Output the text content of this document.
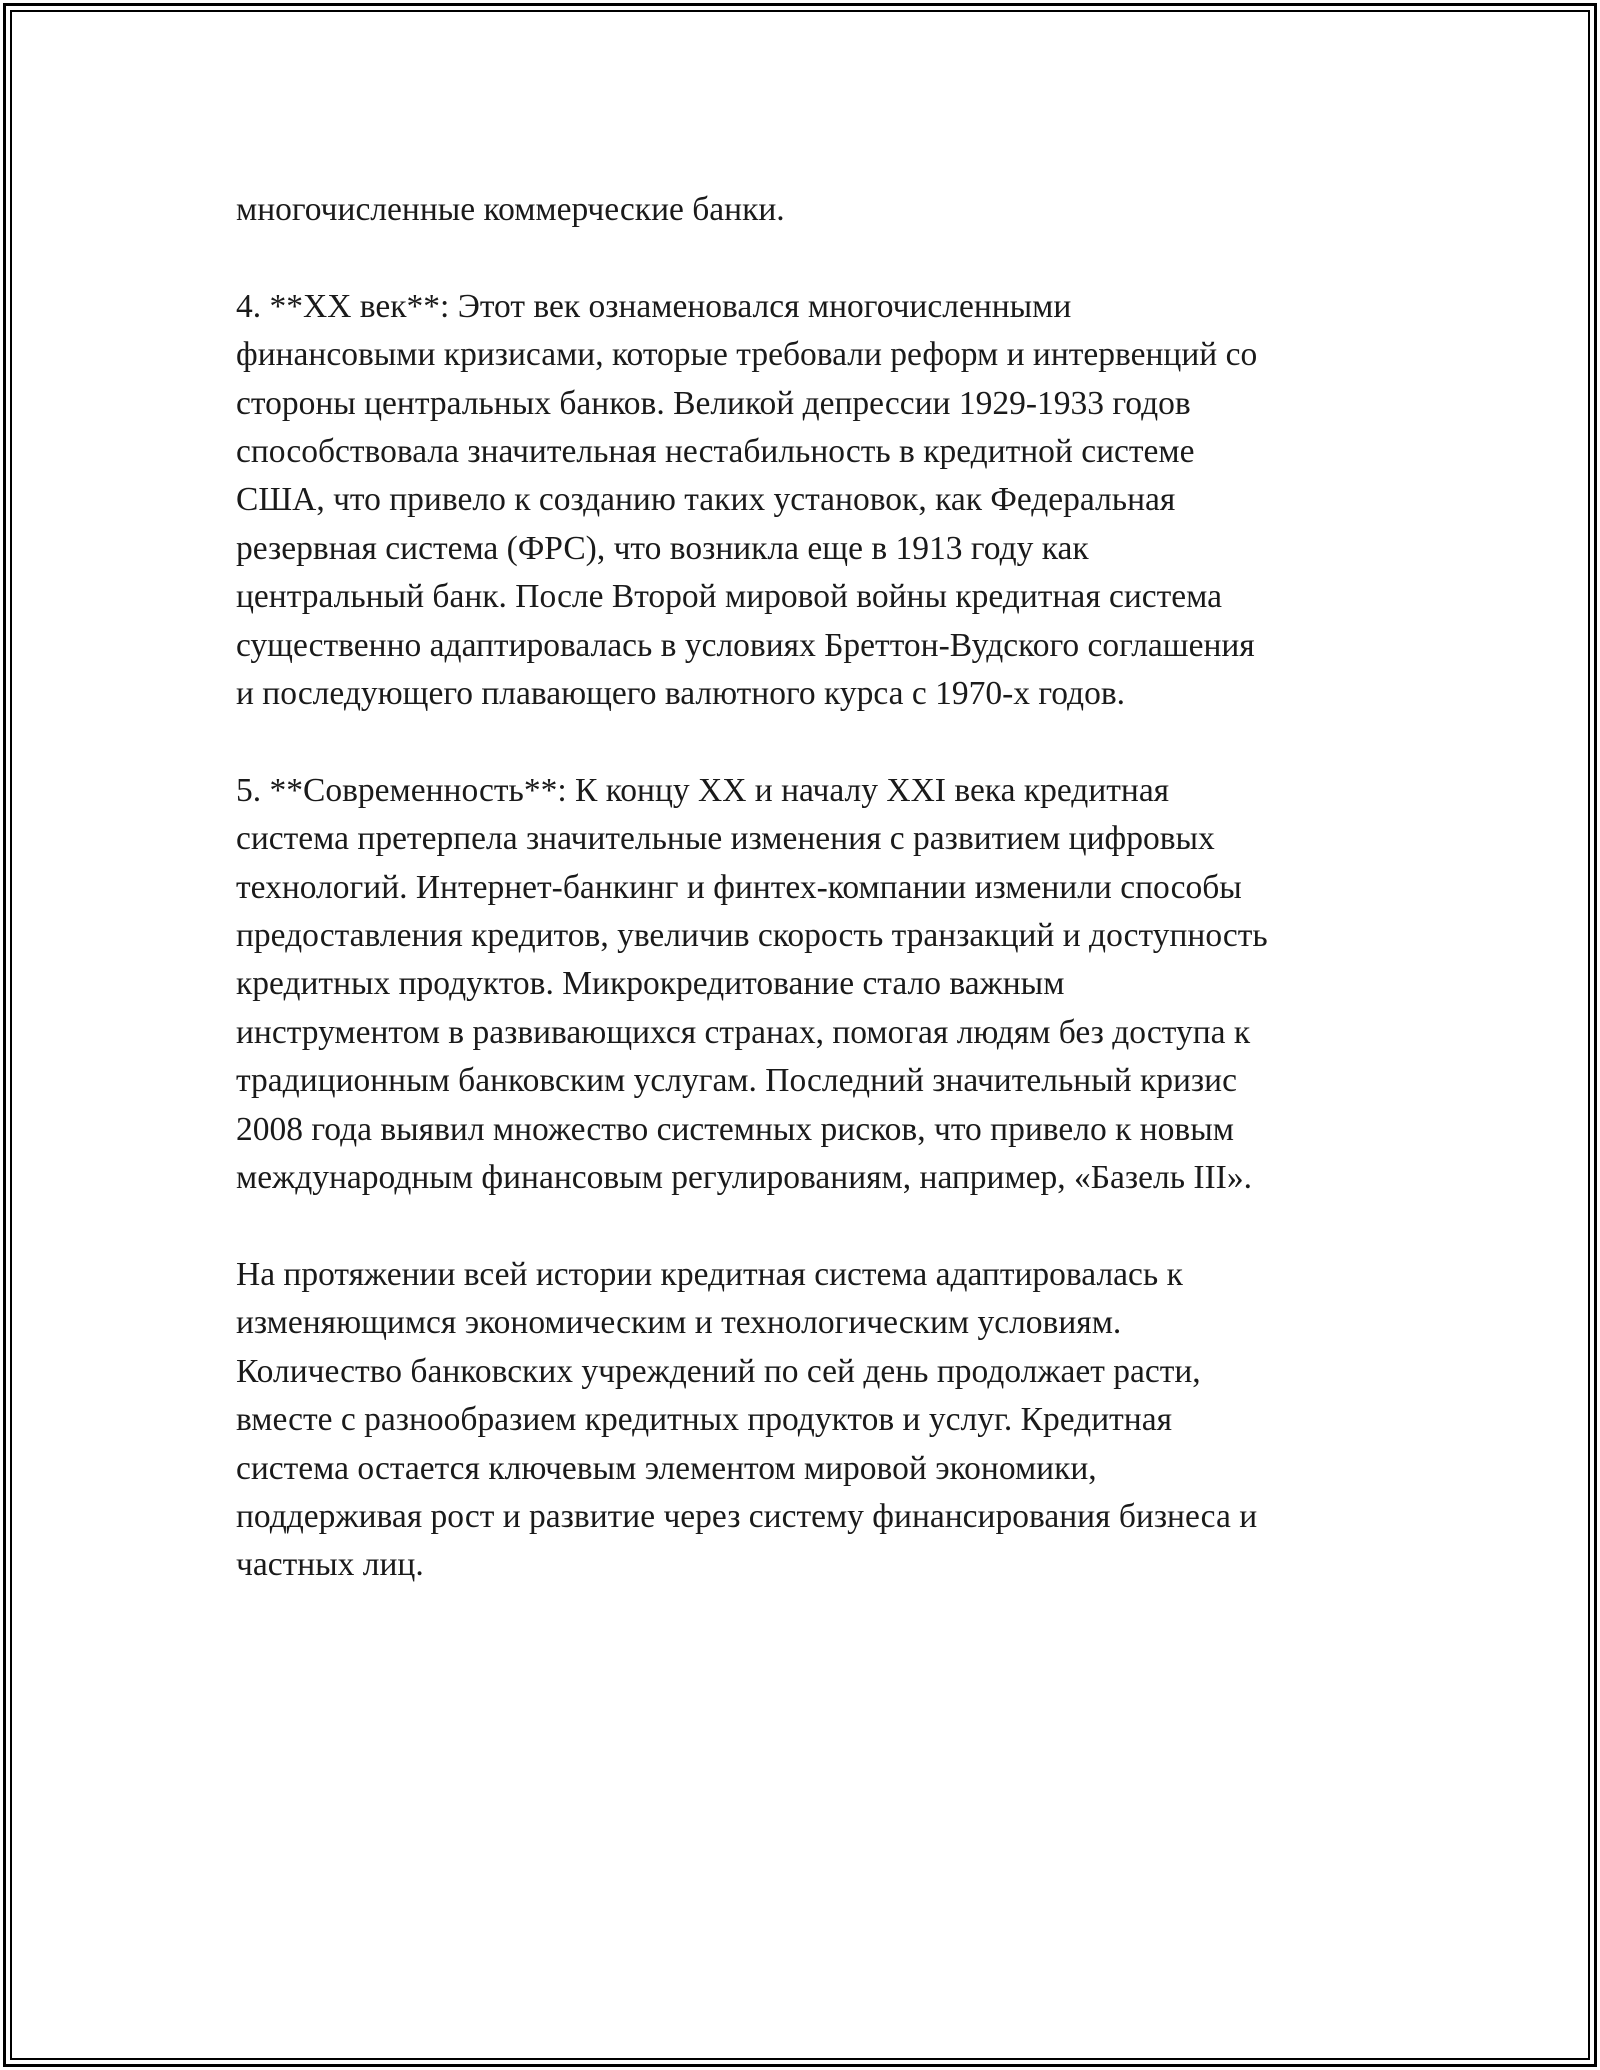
многочисленные коммерческие банки.

4. **XX век**: Этот век ознаменовался многочисленными
финансовыми кризисами, которые требовали реформ и интервенций со
стороны центральных банков. Великой депрессии 1929-1933 годов
способствовала значительная нестабильность в кредитной системе
США, что привело к созданию таких установок, как Федеральная
резервная система (ФРС), что возникла еще в 1913 году как
центральный банк. После Второй мировой войны кредитная система
существенно адаптировалась в условиях Бреттон-Вудского соглашения
и последующего плавающего валютного курса с 1970-х годов.

5. **Современность**: К концу XX и началу XXI века кредитная
система претерпела значительные изменения с развитием цифровых
технологий. Интернет-банкинг и финтех-компании изменили способы
предоставления кредитов, увеличив скорость транзакций и доступность
кредитных продуктов. Микрокредитование стало важным
инструментом в развивающихся странах, помогая людям без доступа к
традиционным банковским услугам. Последний значительный кризис
2008 года выявил множество системных рисков, что привело к новым
международным финансовым регулированиям, например, «Базель III».

На протяжении всей истории кредитная система адаптировалась к
изменяющимся экономическим и технологическим условиям.
Количество банковских учреждений по сей день продолжает расти,
вместе с разнообразием кредитных продуктов и услуг. Кредитная
система остается ключевым элементом мировой экономики,
поддерживая рост и развитие через систему финансирования бизнеса и
частных лиц.
